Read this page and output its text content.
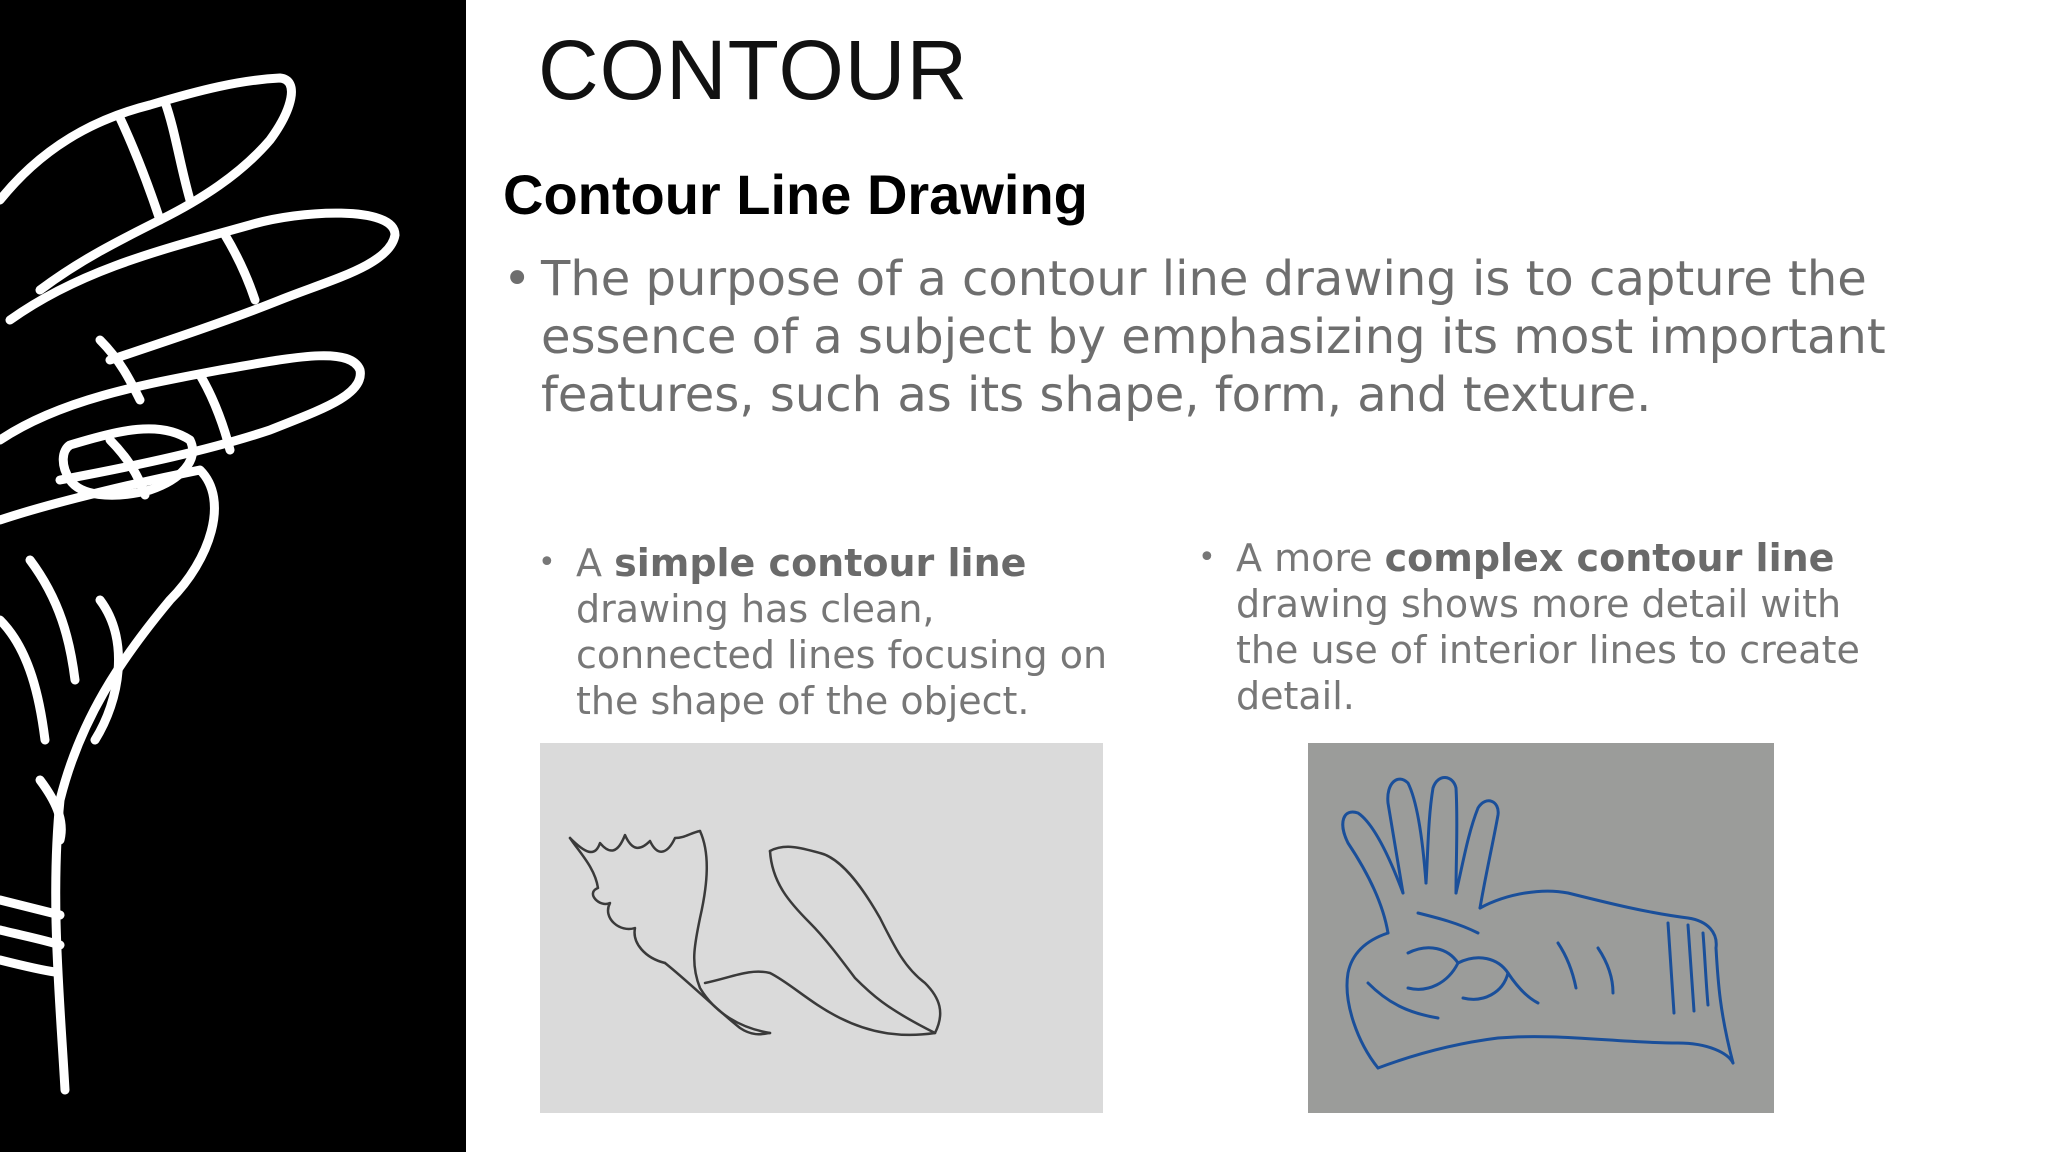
CONTOUR
Contour Line Drawing
• The purpose of a contour line drawing is to capture the essence of a subject by emphasizing its most important features, such as its shape, form, and texture.
• A simple contour line drawing has clean, connected lines focusing on the shape of the object.
• A more complex contour line drawing shows more detail with the use of interior lines to create detail.
